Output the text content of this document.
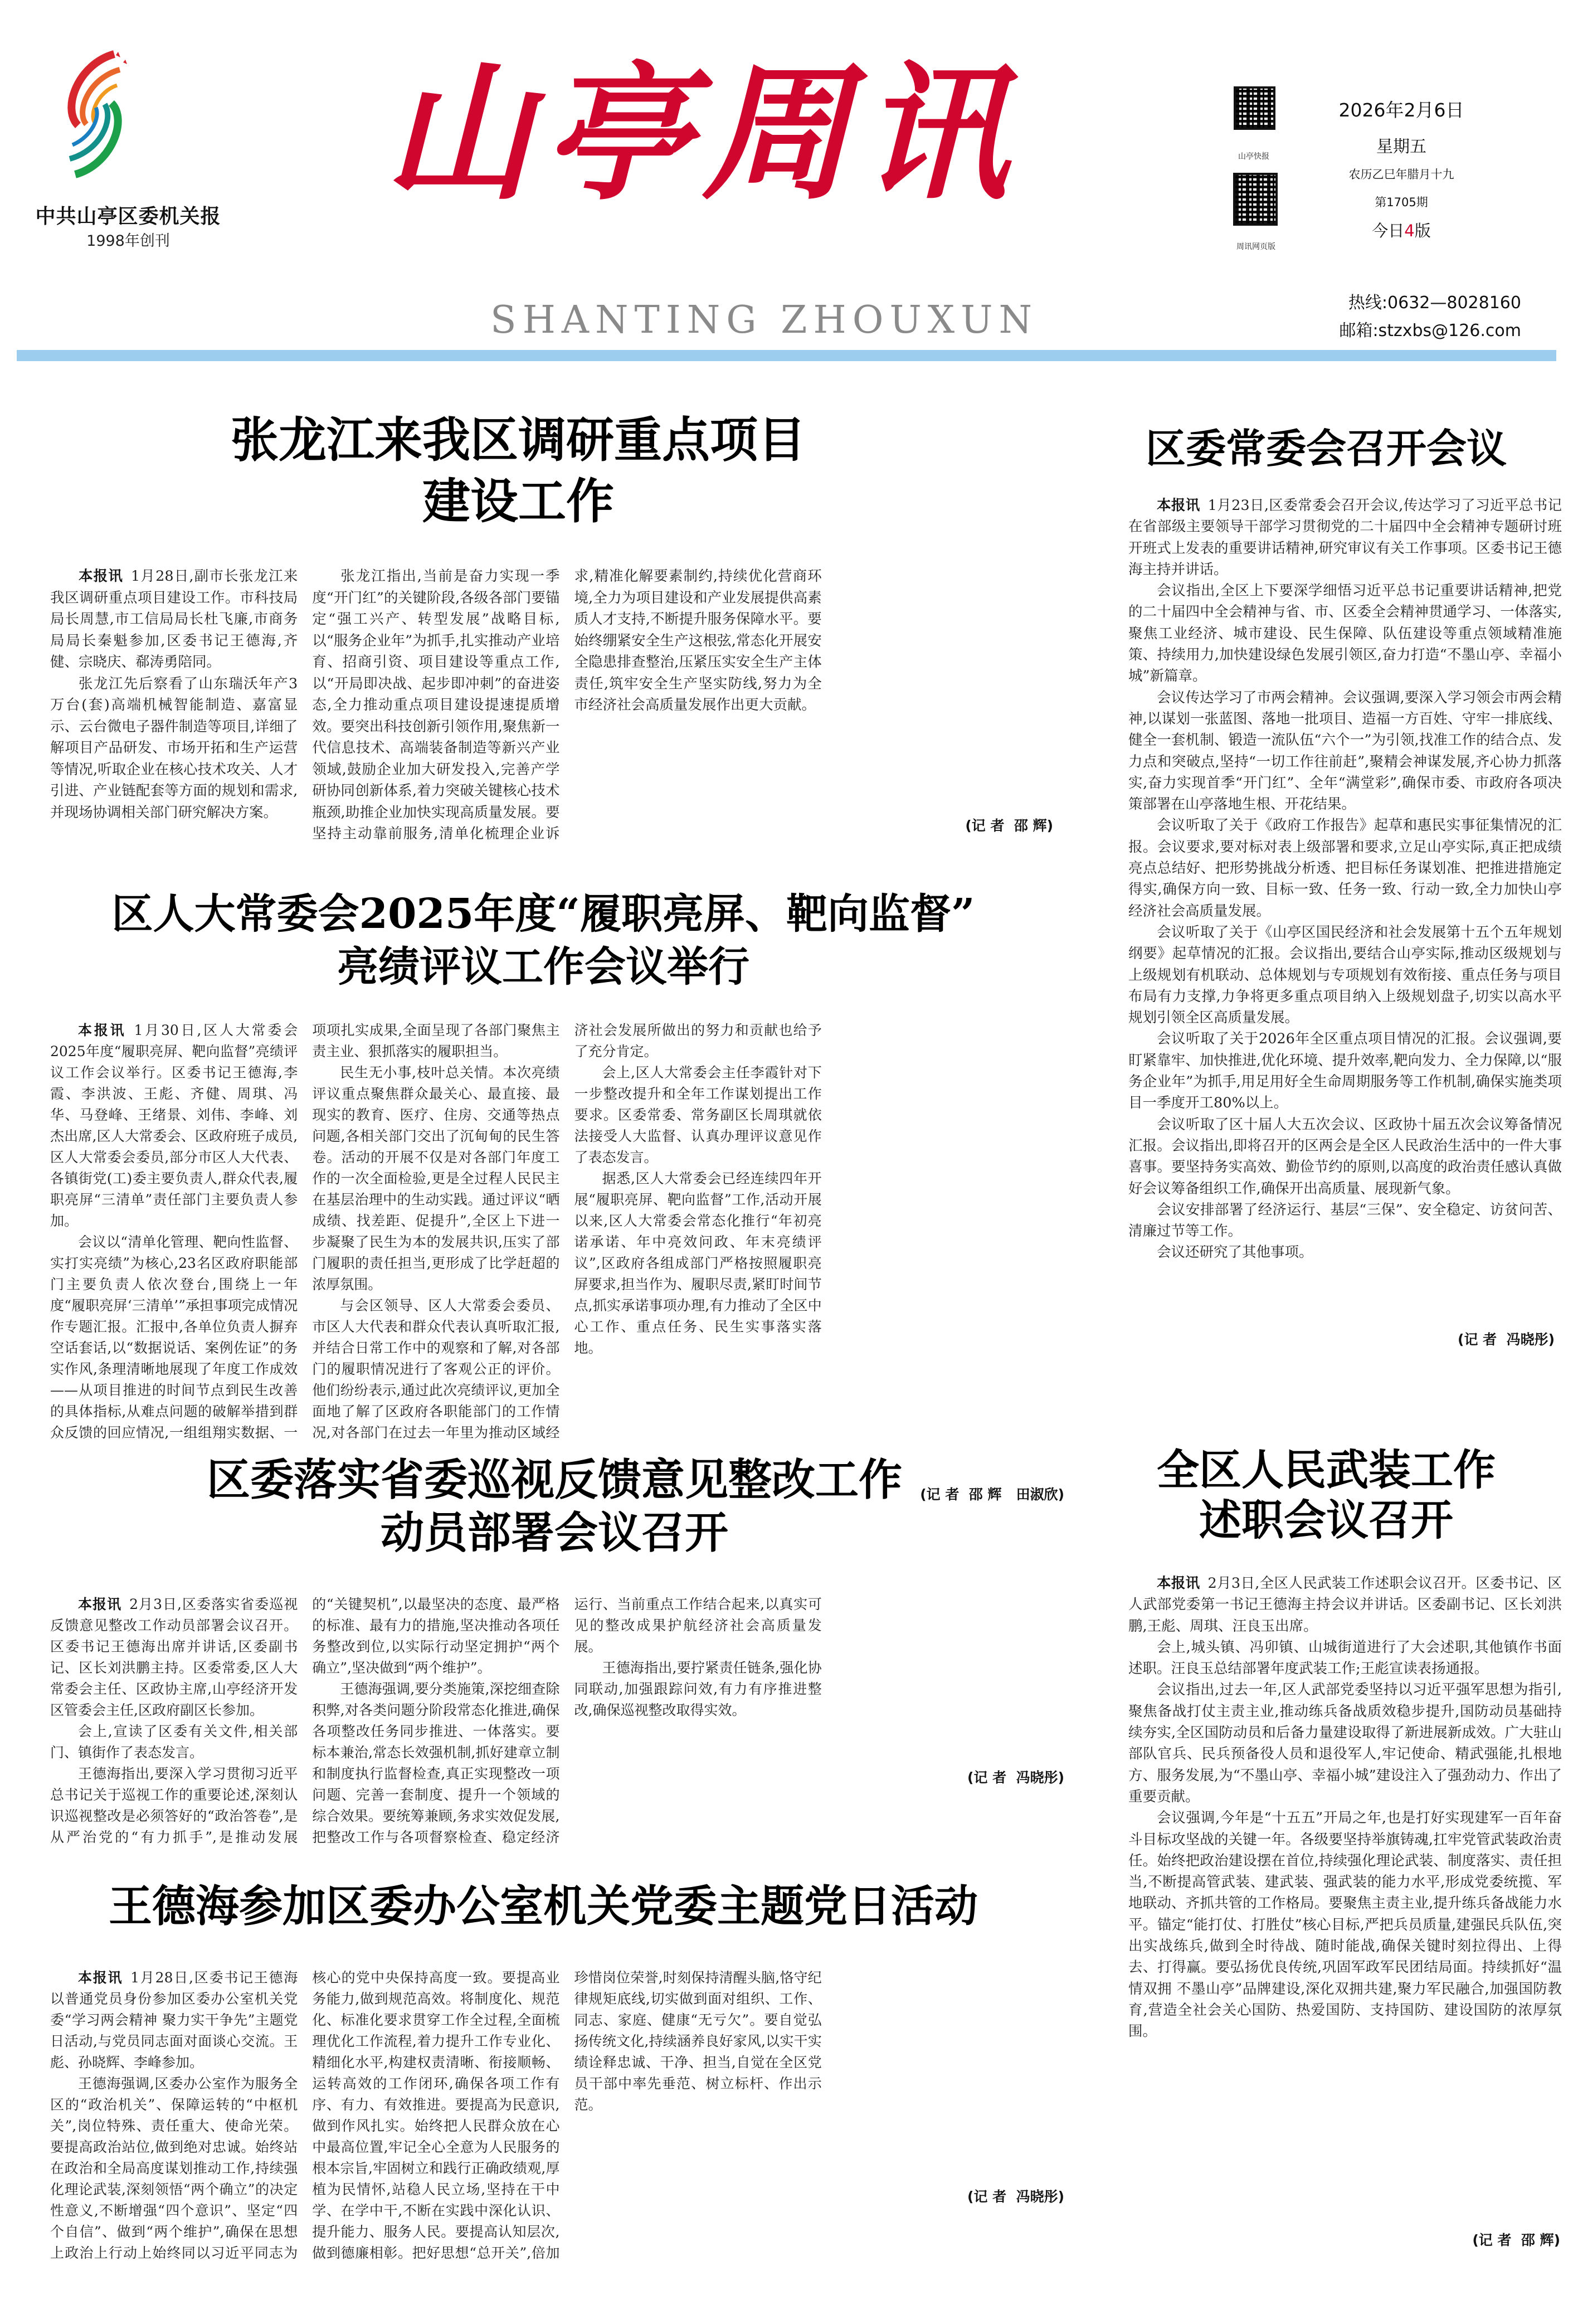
中共山亭区委机关报
1998年创刊
山亭周讯
SHANTING ZHOUXUN
山亭快报
周讯网页版
2026年2月6日
星期五
农历乙巳年腊月十九
第1705期
今日4版
热线:0632—8028160
邮箱:stzxbs@126.com
张龙江来我区调研重点项目
建设工作

本报讯 1月28日,副市长张龙江来我区调研重点项目建设工作。市科技局局长周慧,市工信局局长杜飞廉,市商务局局长秦魁参加,区委书记王德海,齐健、宗晓庆、郗涛勇陪同。

张龙江先后察看了山东瑞沃年产3万台(套)高端机械智能制造、嘉富显示、云台微电子器件制造等项目,详细了解项目产品研发、市场开拓和生产运营等情况,听取企业在核心技术攻关、人才引进、产业链配套等方面的规划和需求,并现场协调相关部门研究解决方案。

张龙江指出,当前是奋力实现一季度“开门红”的关键阶段,各级各部门要锚定“强工兴产、转型发展”战略目标,以“服务企业年”为抓手,扎实推动产业培育、招商引资、项目建设等重点工作,以“开局即决战、起步即冲刺”的奋进姿态,全力推动重点项目建设提速提质增效。要突出科技创新引领作用,聚焦新一代信息技术、高端装备制造等新兴产业领域,鼓励企业加大研发投入,完善产学研协同创新体系,着力突破关键核心技术瓶颈,助推企业加快实现高质量发展。要坚持主动靠前服务,清单化梳理企业诉求,精准化解要素制约,持续优化营商环境,全力为项目建设和产业发展提供高素质人才支持,不断提升服务保障水平。要始终绷紧安全生产这根弦,常态化开展安全隐患排查整治,压紧压实安全生产主体责任,筑牢安全生产坚实防线,努力为全市经济社会高质量发展作出更大贡献。

(记 者  邵 辉)
区人大常委会2025年度“履职亮屏、靶向监督”
亮绩评议工作会议举行

本报讯 1月30日,区人大常委会2025年度“履职亮屏、靶向监督”亮绩评议工作会议举行。区委书记王德海,李霞、李洪波、王彪、齐健、周琪、冯华、马登峰、王绪景、刘伟、李峰、刘杰出席,区人大常委会、区政府班子成员,区人大常委会委员,部分市区人大代表、各镇街党(工)委主要负责人,群众代表,履职亮屏“三清单”责任部门主要负责人参加。

会议以“清单化管理、靶向性监督、实打实亮绩”为核心,23名区政府职能部门主要负责人依次登台,围绕上一年度“履职亮屏‘三清单’”承担事项完成情况作专题汇报。汇报中,各单位负责人摒弃空话套话,以“数据说话、案例佐证”的务实作风,条理清晰地展现了年度工作成效——从项目推进的时间节点到民生改善的具体指标,从难点问题的破解举措到群众反馈的回应情况,一组组翔实数据、一项项扎实成果,全面呈现了各部门聚焦主责主业、狠抓落实的履职担当。

民生无小事,枝叶总关情。本次亮绩评议重点聚焦群众最关心、最直接、最现实的教育、医疗、住房、交通等热点问题,各相关部门交出了沉甸甸的民生答卷。活动的开展不仅是对各部门年度工作的一次全面检验,更是全过程人民民主在基层治理中的生动实践。通过评议“晒成绩、找差距、促提升”,全区上下进一步凝聚了民生为本的发展共识,压实了部门履职的责任担当,更形成了比学赶超的浓厚氛围。

与会区领导、区人大常委会委员、市区人大代表和群众代表认真听取汇报,并结合日常工作中的观察和了解,对各部门的履职情况进行了客观公正的评价。他们纷纷表示,通过此次亮绩评议,更加全面地了解了区政府各职能部门的工作情况,对各部门在过去一年里为推动区域经济社会发展所做出的努力和贡献也给予了充分肯定。

会上,区人大常委会主任李霞针对下一步整改提升和全年工作谋划提出工作要求。区委常委、常务副区长周琪就依法接受人大监督、认真办理评议意见作了表态发言。

据悉,区人大常委会已经连续四年开展“履职亮屏、靶向监督”工作,活动开展以来,区人大常委会常态化推行“年初亮诺承诺、年中亮效问政、年末亮绩评议”,区政府各组成部门严格按照履职亮屏要求,担当作为、履职尽责,紧盯时间节点,抓实承诺事项办理,有力推动了全区中心工作、重点任务、民生实事落实落地。

(记 者  邵 辉   田淑欣)
区委落实省委巡视反馈意见整改工作
动员部署会议召开

本报讯 2月3日,区委落实省委巡视反馈意见整改工作动员部署会议召开。区委书记王德海出席并讲话,区委副书记、区长刘洪鹏主持。区委常委,区人大常委会主任、区政协主席,山亭经济开发区管委会主任,区政府副区长参加。

会上,宣读了区委有关文件,相关部门、镇街作了表态发言。

王德海指出,要深入学习贯彻习近平总书记关于巡视工作的重要论述,深刻认识巡视整改是必须答好的“政治答卷”,是从严治党的“有力抓手”,是推动发展的“关键契机”,以最坚决的态度、最严格的标准、最有力的措施,坚决推动各项任务整改到位,以实际行动坚定拥护“两个确立”,坚决做到“两个维护”。

王德海强调,要分类施策,深挖细查除积弊,对各类问题分阶段常态化推进,确保各项整改任务同步推进、一体落实。要标本兼治,常态长效强机制,抓好建章立制和制度执行监督检查,真正实现整改一项问题、完善一套制度、提升一个领域的综合效果。要统筹兼顾,务求实效促发展,把整改工作与各项督察检查、稳定经济运行、当前重点工作结合起来,以真实可见的整改成果护航经济社会高质量发展。

王德海指出,要拧紧责任链条,强化协同联动,加强跟踪问效,有力有序推进整改,确保巡视整改取得实效。

(记 者  冯晓彤)
王德海参加区委办公室机关党委主题党日活动

本报讯 1月28日,区委书记王德海以普通党员身份参加区委办公室机关党委“学习两会精神 聚力实干争先”主题党日活动,与党员同志面对面谈心交流。王彪、孙晓辉、李峰参加。

王德海强调,区委办公室作为服务全区的“政治机关”、保障运转的“中枢机关”,岗位特殊、责任重大、使命光荣。要提高政治站位,做到绝对忠诚。始终站在政治和全局高度谋划推动工作,持续强化理论武装,深刻领悟“两个确立”的决定性意义,不断增强“四个意识”、坚定“四个自信”、做到“两个维护”,确保在思想上政治上行动上始终同以习近平同志为核心的党中央保持高度一致。要提高业务能力,做到规范高效。将制度化、规范化、标准化要求贯穿工作全过程,全面梳理优化工作流程,着力提升工作专业化、精细化水平,构建权责清晰、衔接顺畅、运转高效的工作闭环,确保各项工作有序、有力、有效推进。要提高为民意识,做到作风扎实。始终把人民群众放在心中最高位置,牢记全心全意为人民服务的根本宗旨,牢固树立和践行正确政绩观,厚植为民情怀,站稳人民立场,坚持在干中学、在学中干,不断在实践中深化认识、提升能力、服务人民。要提高认知层次,做到德廉相彰。把好思想“总开关”,倍加珍惜岗位荣誉,时刻保持清醒头脑,恪守纪律规矩底线,切实做到面对组织、工作、同志、家庭、健康“无亏欠”。要自觉弘扬传统文化,持续涵养良好家风,以实干实绩诠释忠诚、干净、担当,自觉在全区党员干部中率先垂范、树立标杆、作出示范。

(记 者  冯晓彤)
区委常委会召开会议

本报讯 1月23日,区委常委会召开会议,传达学习了习近平总书记在省部级主要领导干部学习贯彻党的二十届四中全会精神专题研讨班开班式上发表的重要讲话精神,研究审议有关工作事项。区委书记王德海主持并讲话。

会议指出,全区上下要深学细悟习近平总书记重要讲话精神,把党的二十届四中全会精神与省、市、区委全会精神贯通学习、一体落实,聚焦工业经济、城市建设、民生保障、队伍建设等重点领域精准施策、持续用力,加快建设绿色发展引领区,奋力打造“不墨山亭、幸福小城”新篇章。

会议传达学习了市两会精神。会议强调,要深入学习领会市两会精神,以谋划一张蓝图、落地一批项目、造福一方百姓、守牢一排底线、健全一套机制、锻造一流队伍“六个一”为引领,找准工作的结合点、发力点和突破点,坚持“一切工作往前赶”,聚精会神谋发展,齐心协力抓落实,奋力实现首季“开门红”、全年“满堂彩”,确保市委、市政府各项决策部署在山亭落地生根、开花结果。

会议听取了关于《政府工作报告》起草和惠民实事征集情况的汇报。会议要求,要对标对表上级部署和要求,立足山亭实际,真正把成绩亮点总结好、把形势挑战分析透、把目标任务谋划准、把推进措施定得实,确保方向一致、目标一致、任务一致、行动一致,全力加快山亭经济社会高质量发展。

会议听取了关于《山亭区国民经济和社会发展第十五个五年规划纲要》起草情况的汇报。会议指出,要结合山亭实际,推动区级规划与上级规划有机联动、总体规划与专项规划有效衔接、重点任务与项目布局有力支撑,力争将更多重点项目纳入上级规划盘子,切实以高水平规划引领全区高质量发展。

会议听取了关于2026年全区重点项目情况的汇报。会议强调,要盯紧靠牢、加快推进,优化环境、提升效率,靶向发力、全力保障,以“服务企业年”为抓手,用足用好全生命周期服务等工作机制,确保实施类项目一季度开工80%以上。

会议听取了区十届人大五次会议、区政协十届五次会议筹备情况汇报。会议指出,即将召开的区两会是全区人民政治生活中的一件大事喜事。要坚持务实高效、勤俭节约的原则,以高度的政治责任感认真做好会议筹备组织工作,确保开出高质量、展现新气象。

会议安排部署了经济运行、基层“三保”、安全稳定、访贫问苦、清廉过节等工作。

会议还研究了其他事项。

(记 者  冯晓彤)
全区人民武装工作
述职会议召开

本报讯 2月3日,全区人民武装工作述职会议召开。区委书记、区人武部党委第一书记王德海主持会议并讲话。区委副书记、区长刘洪鹏,王彪、周琪、汪良玉出席。

会上,城头镇、冯卯镇、山城街道进行了大会述职,其他镇作书面述职。汪良玉总结部署年度武装工作;王彪宣读表扬通报。

会议指出,过去一年,区人武部党委坚持以习近平强军思想为指引,聚焦备战打仗主责主业,推动练兵备战质效稳步提升,国防动员基础持续夯实,全区国防动员和后备力量建设取得了新进展新成效。广大驻山部队官兵、民兵预备役人员和退役军人,牢记使命、精武强能,扎根地方、服务发展,为“不墨山亭、幸福小城”建设注入了强劲动力、作出了重要贡献。

会议强调,今年是“十五五”开局之年,也是打好实现建军一百年奋斗目标攻坚战的关键一年。各级要坚持举旗铸魂,扛牢党管武装政治责任。始终把政治建设摆在首位,持续强化理论武装、制度落实、责任担当,不断提高管武装、建武装、强武装的能力水平,形成党委统揽、军地联动、齐抓共管的工作格局。要聚焦主责主业,提升练兵备战能力水平。锚定“能打仗、打胜仗”核心目标,严把兵员质量,建强民兵队伍,突出实战练兵,做到全时待战、随时能战,确保关键时刻拉得出、上得去、打得赢。要弘扬优良传统,巩固军政军民团结局面。持续抓好“温情双拥 不墨山亭”品牌建设,深化双拥共建,聚力军民融合,加强国防教育,营造全社会关心国防、热爱国防、支持国防、建设国防的浓厚氛围。

(记 者  邵 辉)
